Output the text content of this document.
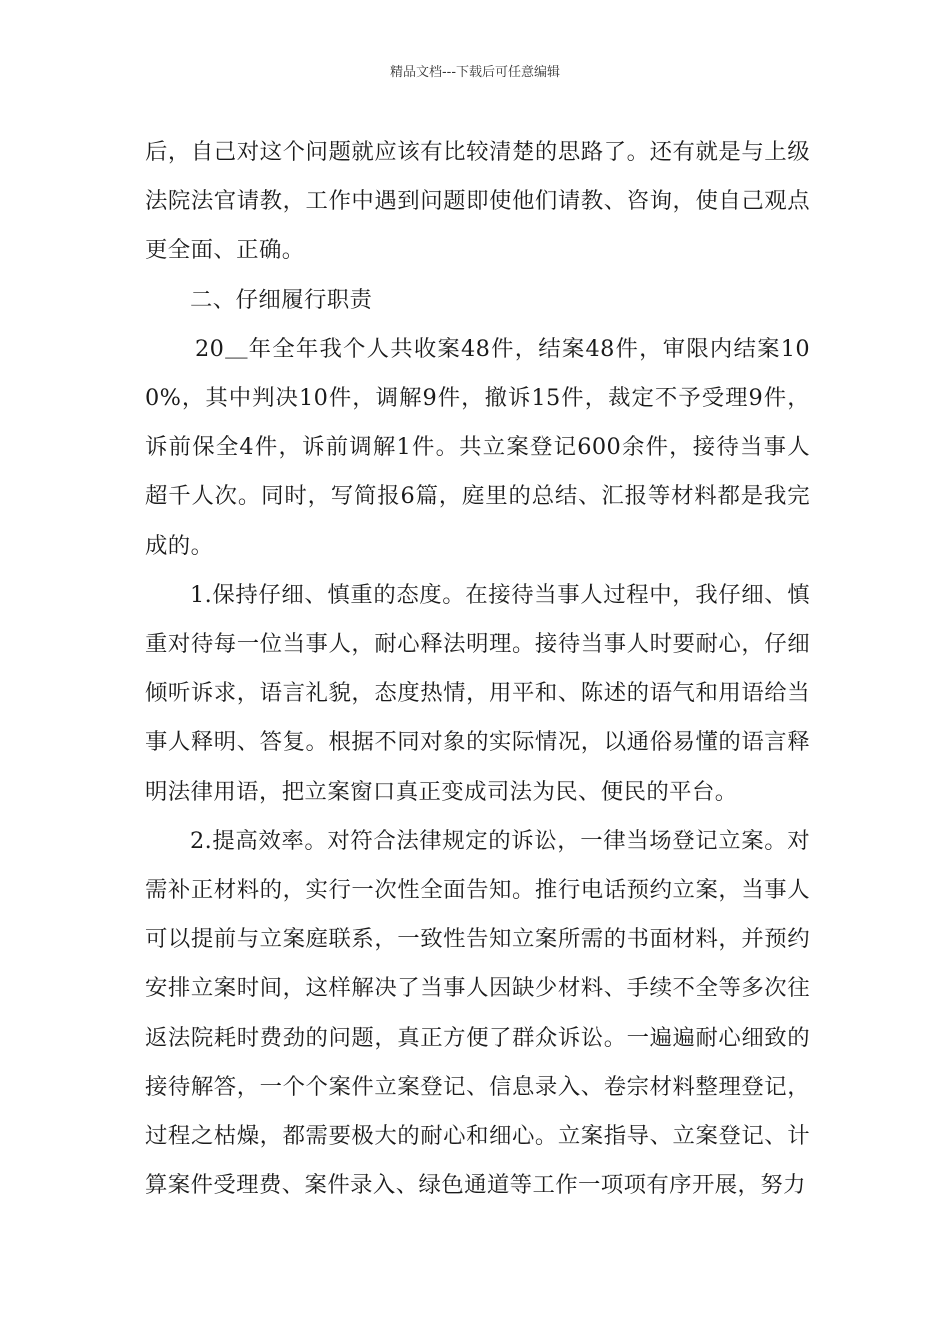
精品文档---下载后可任意编辑

后，自己对这个问题就应该有比较清楚的思路了。还有就是与上级法院法官请教，工作中遇到问题即使他们请教、咨询，使自己观点更全面、正确。

二、仔细履行职责

20＿年全年我个人共收案48件，结案48件，审限内结案100%，其中判决10件，调解9件，撤诉15件，裁定不予受理9件，诉前保全4件，诉前调解1件。共立案登记600余件，接待当事人超千人次。同时，写简报6篇，庭里的总结、汇报等材料都是我完成的。

1.保持仔细、慎重的态度。在接待当事人过程中，我仔细、慎重对待每一位当事人，耐心释法明理。接待当事人时要耐心，仔细倾听诉求，语言礼貌，态度热情，用平和、陈述的语气和用语给当事人释明、答复。根据不同对象的实际情况，以通俗易懂的语言释明法律用语，把立案窗口真正变成司法为民、便民的平台。

2.提高效率。对符合法律规定的诉讼，一律当场登记立案。对需补正材料的，实行一次性全面告知。推行电话预约立案，当事人可以提前与立案庭联系，一致性告知立案所需的书面材料，并预约安排立案时间，这样解决了当事人因缺少材料、手续不全等多次往返法院耗时费劲的问题，真正方便了群众诉讼。一遍遍耐心细致的接待解答，一个个案件立案登记、信息录入、卷宗材料整理登记，过程之枯燥，都需要极大的耐心和细心。立案指导、立案登记、计算案件受理费、案件录入、绿色通道等工作一项项有序开展，努力
